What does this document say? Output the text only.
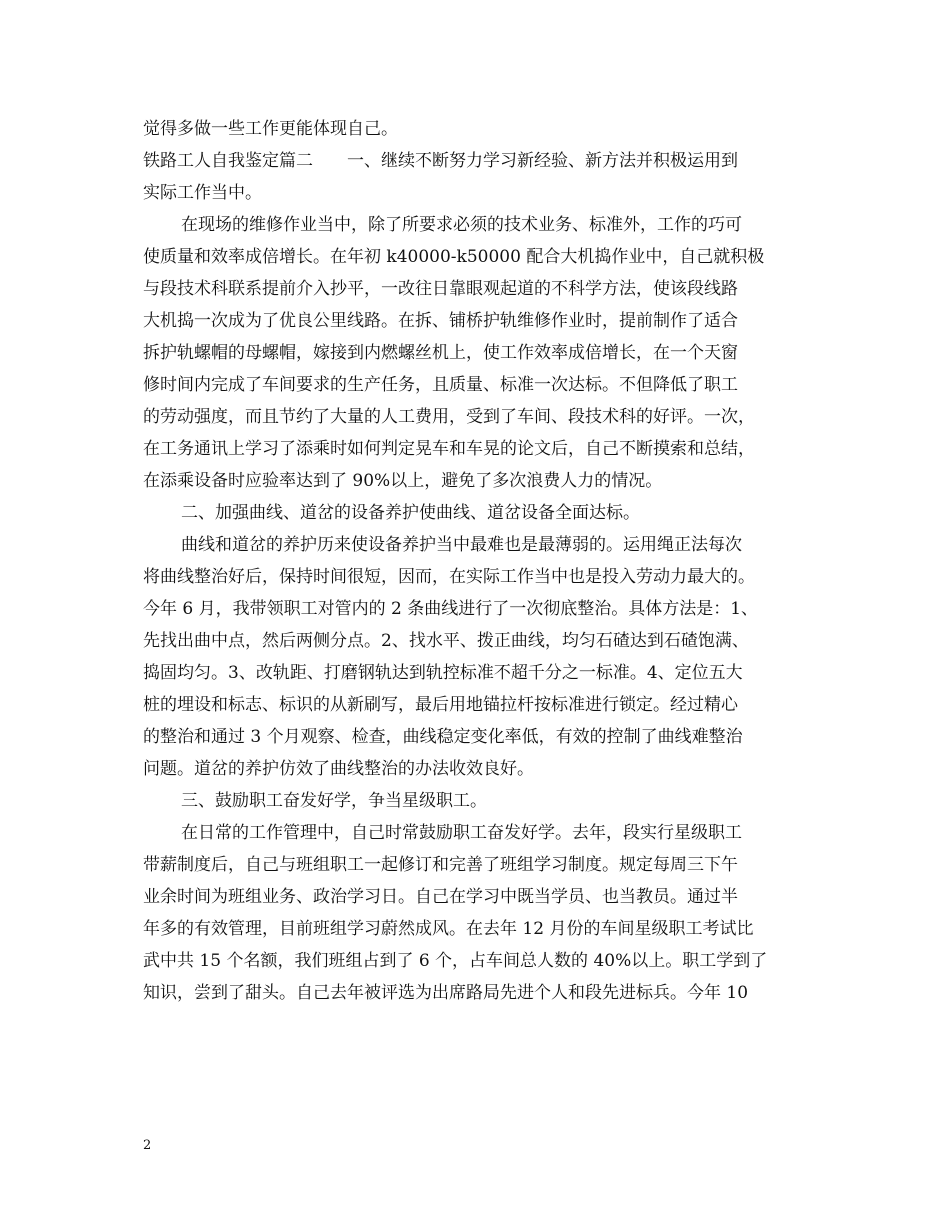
觉得多做一些工作更能体现自己。
铁路工人自我鉴定篇二 一、继续不断努力学习新经验、新方法并积极运用到
实际工作当中。
在现场的维修作业当中，除了所要求必须的技术业务、标准外，工作的巧可
使质量和效率成倍增长。在年初 k40000-k50000 配合大机捣作业中，自己就积极
与段技术科联系提前介入抄平，一改往日靠眼观起道的不科学方法，使该段线路
大机捣一次成为了优良公里线路。在拆、铺桥护轨维修作业时，提前制作了适合
拆护轨螺帽的母螺帽，嫁接到内燃螺丝机上，使工作效率成倍增长，在一个天窗
修时间内完成了车间要求的生产任务，且质量、标准一次达标。不但降低了职工
的劳动强度，而且节约了大量的人工费用，受到了车间、段技术科的好评。一次，
在工务通讯上学习了添乘时如何判定晃车和车晃的论文后，自己不断摸索和总结，
在添乘设备时应验率达到了 90%以上，避免了多次浪费人力的情况。
二、加强曲线、道岔的设备养护使曲线、道岔设备全面达标。
曲线和道岔的养护历来使设备养护当中最难也是最薄弱的。运用绳正法每次
将曲线整治好后，保持时间很短，因而，在实际工作当中也是投入劳动力最大的。
今年 6 月，我带领职工对管内的 2 条曲线进行了一次彻底整治。具体方法是：1、
先找出曲中点，然后两侧分点。2、找水平、拨正曲线，均匀石碴达到石碴饱满、
捣固均匀。3、改轨距、打磨钢轨达到轨控标准不超千分之一标准。4、定位五大
桩的埋设和标志、标识的从新刷写，最后用地锚拉杆按标准进行锁定。经过精心
的整治和通过 3 个月观察、检查，曲线稳定变化率低，有效的控制了曲线难整治
问题。道岔的养护仿效了曲线整治的办法收效良好。
三、鼓励职工奋发好学，争当星级职工。
在日常的工作管理中，自己时常鼓励职工奋发好学。去年，段实行星级职工
带薪制度后，自己与班组职工一起修订和完善了班组学习制度。规定每周三下午
业余时间为班组业务、政治学习日。自己在学习中既当学员、也当教员。通过半
年多的有效管理，目前班组学习蔚然成风。在去年 12 月份的车间星级职工考试比
武中共 15 个名额，我们班组占到了 6 个，占车间总人数的 40%以上。职工学到了
知识，尝到了甜头。自己去年被评选为出席路局先进个人和段先进标兵。今年 10
2
